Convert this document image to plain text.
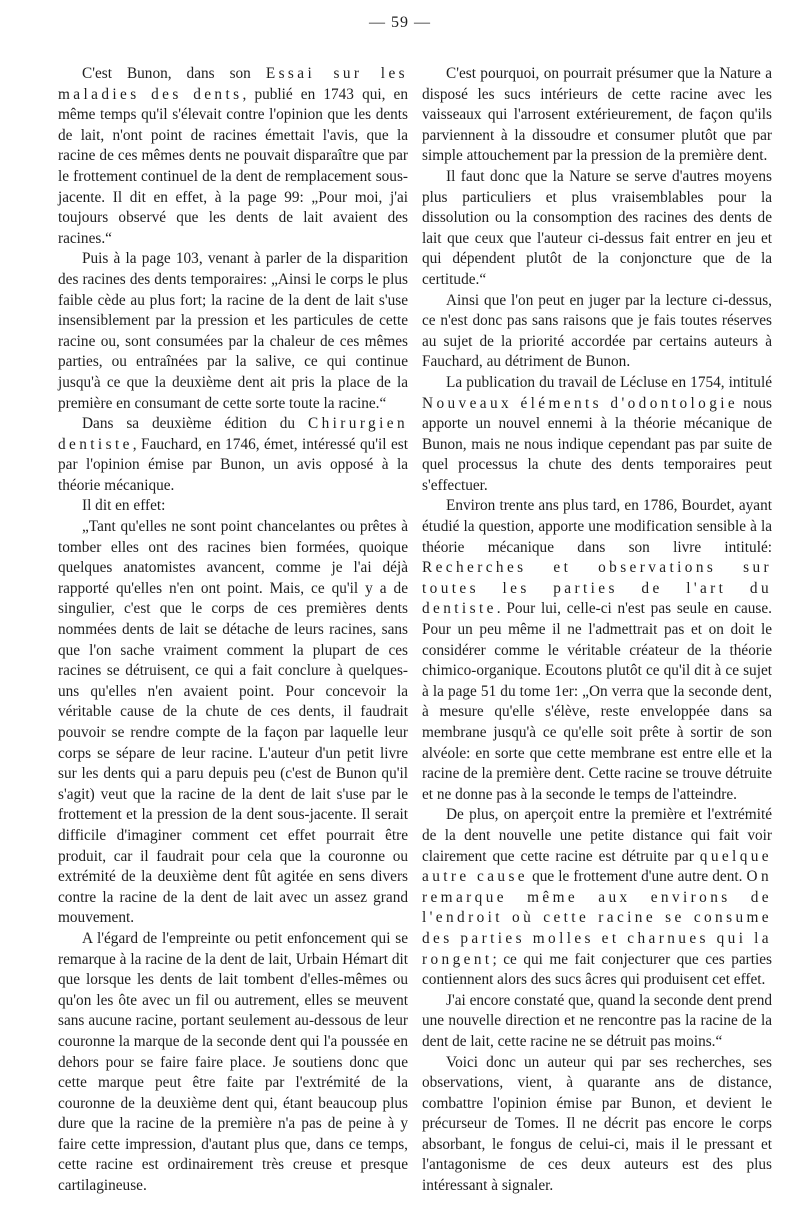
— 59 —

C'est Bunon, dans son Essai sur les maladies des dents, publié en 1743 qui, en même temps qu'il s'élevait contre l'opinion que les dents de lait, n'ont point de racines émettait l'avis, que la racine de ces mêmes dents ne pouvait disparaître que par le frottement continuel de la dent de remplacement sous-jacente. Il dit en effet, à la page 99: „Pour moi, j'ai toujours observé que les dents de lait avaient des racines.“

Puis à la page 103, venant à parler de la disparition des racines des dents temporaires: „Ainsi le corps le plus faible cède au plus fort; la racine de la dent de lait s'use insensiblement par la pression et les particules de cette racine ou, sont consumées par la chaleur de ces mêmes parties, ou entraînées par la salive, ce qui continue jusqu'à ce que la deuxième dent ait pris la place de la première en consumant de cette sorte toute la racine.“

Dans sa deuxième édition du Chirurgien dentiste, Fauchard, en 1746, émet, intéressé qu'il est par l'opinion émise par Bunon, un avis opposé à la théorie mécanique.

Il dit en effet:

„Tant qu'elles ne sont point chancelantes ou prêtes à tomber elles ont des racines bien formées, quoique quelques anatomistes avancent, comme je l'ai déjà rapporté qu'elles n'en ont point. Mais, ce qu'il y a de singulier, c'est que le corps de ces premières dents nommées dents de lait se détache de leurs racines, sans que l'on sache vraiment comment la plupart de ces racines se détruisent, ce qui a fait conclure à quelques-uns qu'elles n'en avaient point. Pour concevoir la véritable cause de la chute de ces dents, il faudrait pouvoir se rendre compte de la façon par laquelle leur corps se sépare de leur racine. L'auteur d'un petit livre sur les dents qui a paru depuis peu (c'est de Bunon qu'il s'agit) veut que la racine de la dent de lait s'use par le frottement et la pression de la dent sous-jacente. Il serait difficile d'imaginer comment cet effet pourrait être produit, car il faudrait pour cela que la couronne ou extrémité de la deuxième dent fût agitée en sens divers contre la racine de la dent de lait avec un assez grand mouvement.

A l'égard de l'empreinte ou petit enfoncement qui se remarque à la racine de la dent de lait, Urbain Hémart dit que lorsque les dents de lait tombent d'elles-mêmes ou qu'on les ôte avec un fil ou autrement, elles se meuvent sans aucune racine, portant seulement au-dessous de leur couronne la marque de la seconde dent qui l'a poussée en dehors pour se faire faire place. Je soutiens donc que cette marque peut être faite par l'extrémité de la couronne de la deuxième dent qui, étant beaucoup plus dure que la racine de la première n'a pas de peine à y faire cette impression, d'autant plus que, dans ce temps, cette racine est ordinairement très creuse et presque cartilagineuse.

C'est pourquoi, on pourrait présumer que la Nature a disposé les sucs intérieurs de cette racine avec les vaisseaux qui l'arrosent extérieurement, de façon qu'ils parviennent à la dissoudre et consumer plutôt que par simple attouchement par la pression de la première dent.

Il faut donc que la Nature se serve d'autres moyens plus particuliers et plus vraisemblables pour la dissolution ou la consomption des racines des dents de lait que ceux que l'auteur ci-dessus fait entrer en jeu et qui dépendent plutôt de la conjoncture que de la certitude.“

Ainsi que l'on peut en juger par la lecture ci-dessus, ce n'est donc pas sans raisons que je fais toutes réserves au sujet de la priorité accordée par certains auteurs à Fauchard, au détriment de Bunon.

La publication du travail de Lécluse en 1754, intitulé Nouveaux éléments d'odontologie nous apporte un nouvel ennemi à la théorie mécanique de Bunon, mais ne nous indique cependant pas par suite de quel processus la chute des dents temporaires peut s'effectuer.

Environ trente ans plus tard, en 1786, Bourdet, ayant étudié la question, apporte une modification sensible à la théorie mécanique dans son livre intitulé: Recherches et observations sur toutes les parties de l'art du dentiste. Pour lui, celle-ci n'est pas seule en cause. Pour un peu même il ne l'admettrait pas et on doit le considérer comme le véritable créateur de la théorie chimico-organique. Ecoutons plutôt ce qu'il dit à ce sujet à la page 51 du tome 1er: „On verra que la seconde dent, à mesure qu'elle s'élève, reste enveloppée dans sa membrane jusqu'à ce qu'elle soit prête à sortir de son alvéole: en sorte que cette membrane est entre elle et la racine de la première dent. Cette racine se trouve détruite et ne donne pas à la seconde le temps de l'atteindre.

De plus, on aperçoit entre la première et l'extrémité de la dent nouvelle une petite distance qui fait voir clairement que cette racine est détruite par quelque autre cause que le frottement d'une autre dent. On remarque même aux environs de l'endroit où cette racine se consume des parties molles et charnues qui la rongent; ce qui me fait conjecturer que ces parties contiennent alors des sucs âcres qui produisent cet effet.

J'ai encore constaté que, quand la seconde dent prend une nouvelle direction et ne rencontre pas la racine de la dent de lait, cette racine ne se détruit pas moins.“

Voici donc un auteur qui par ses recherches, ses observations, vient, à quarante ans de distance, combattre l'opinion émise par Bunon, et devient le précurseur de Tomes. Il ne décrit pas encore le corps absorbant, le fongus de celui-ci, mais il le pressant et l'antagonisme de ces deux auteurs est des plus intéressant à signaler.
